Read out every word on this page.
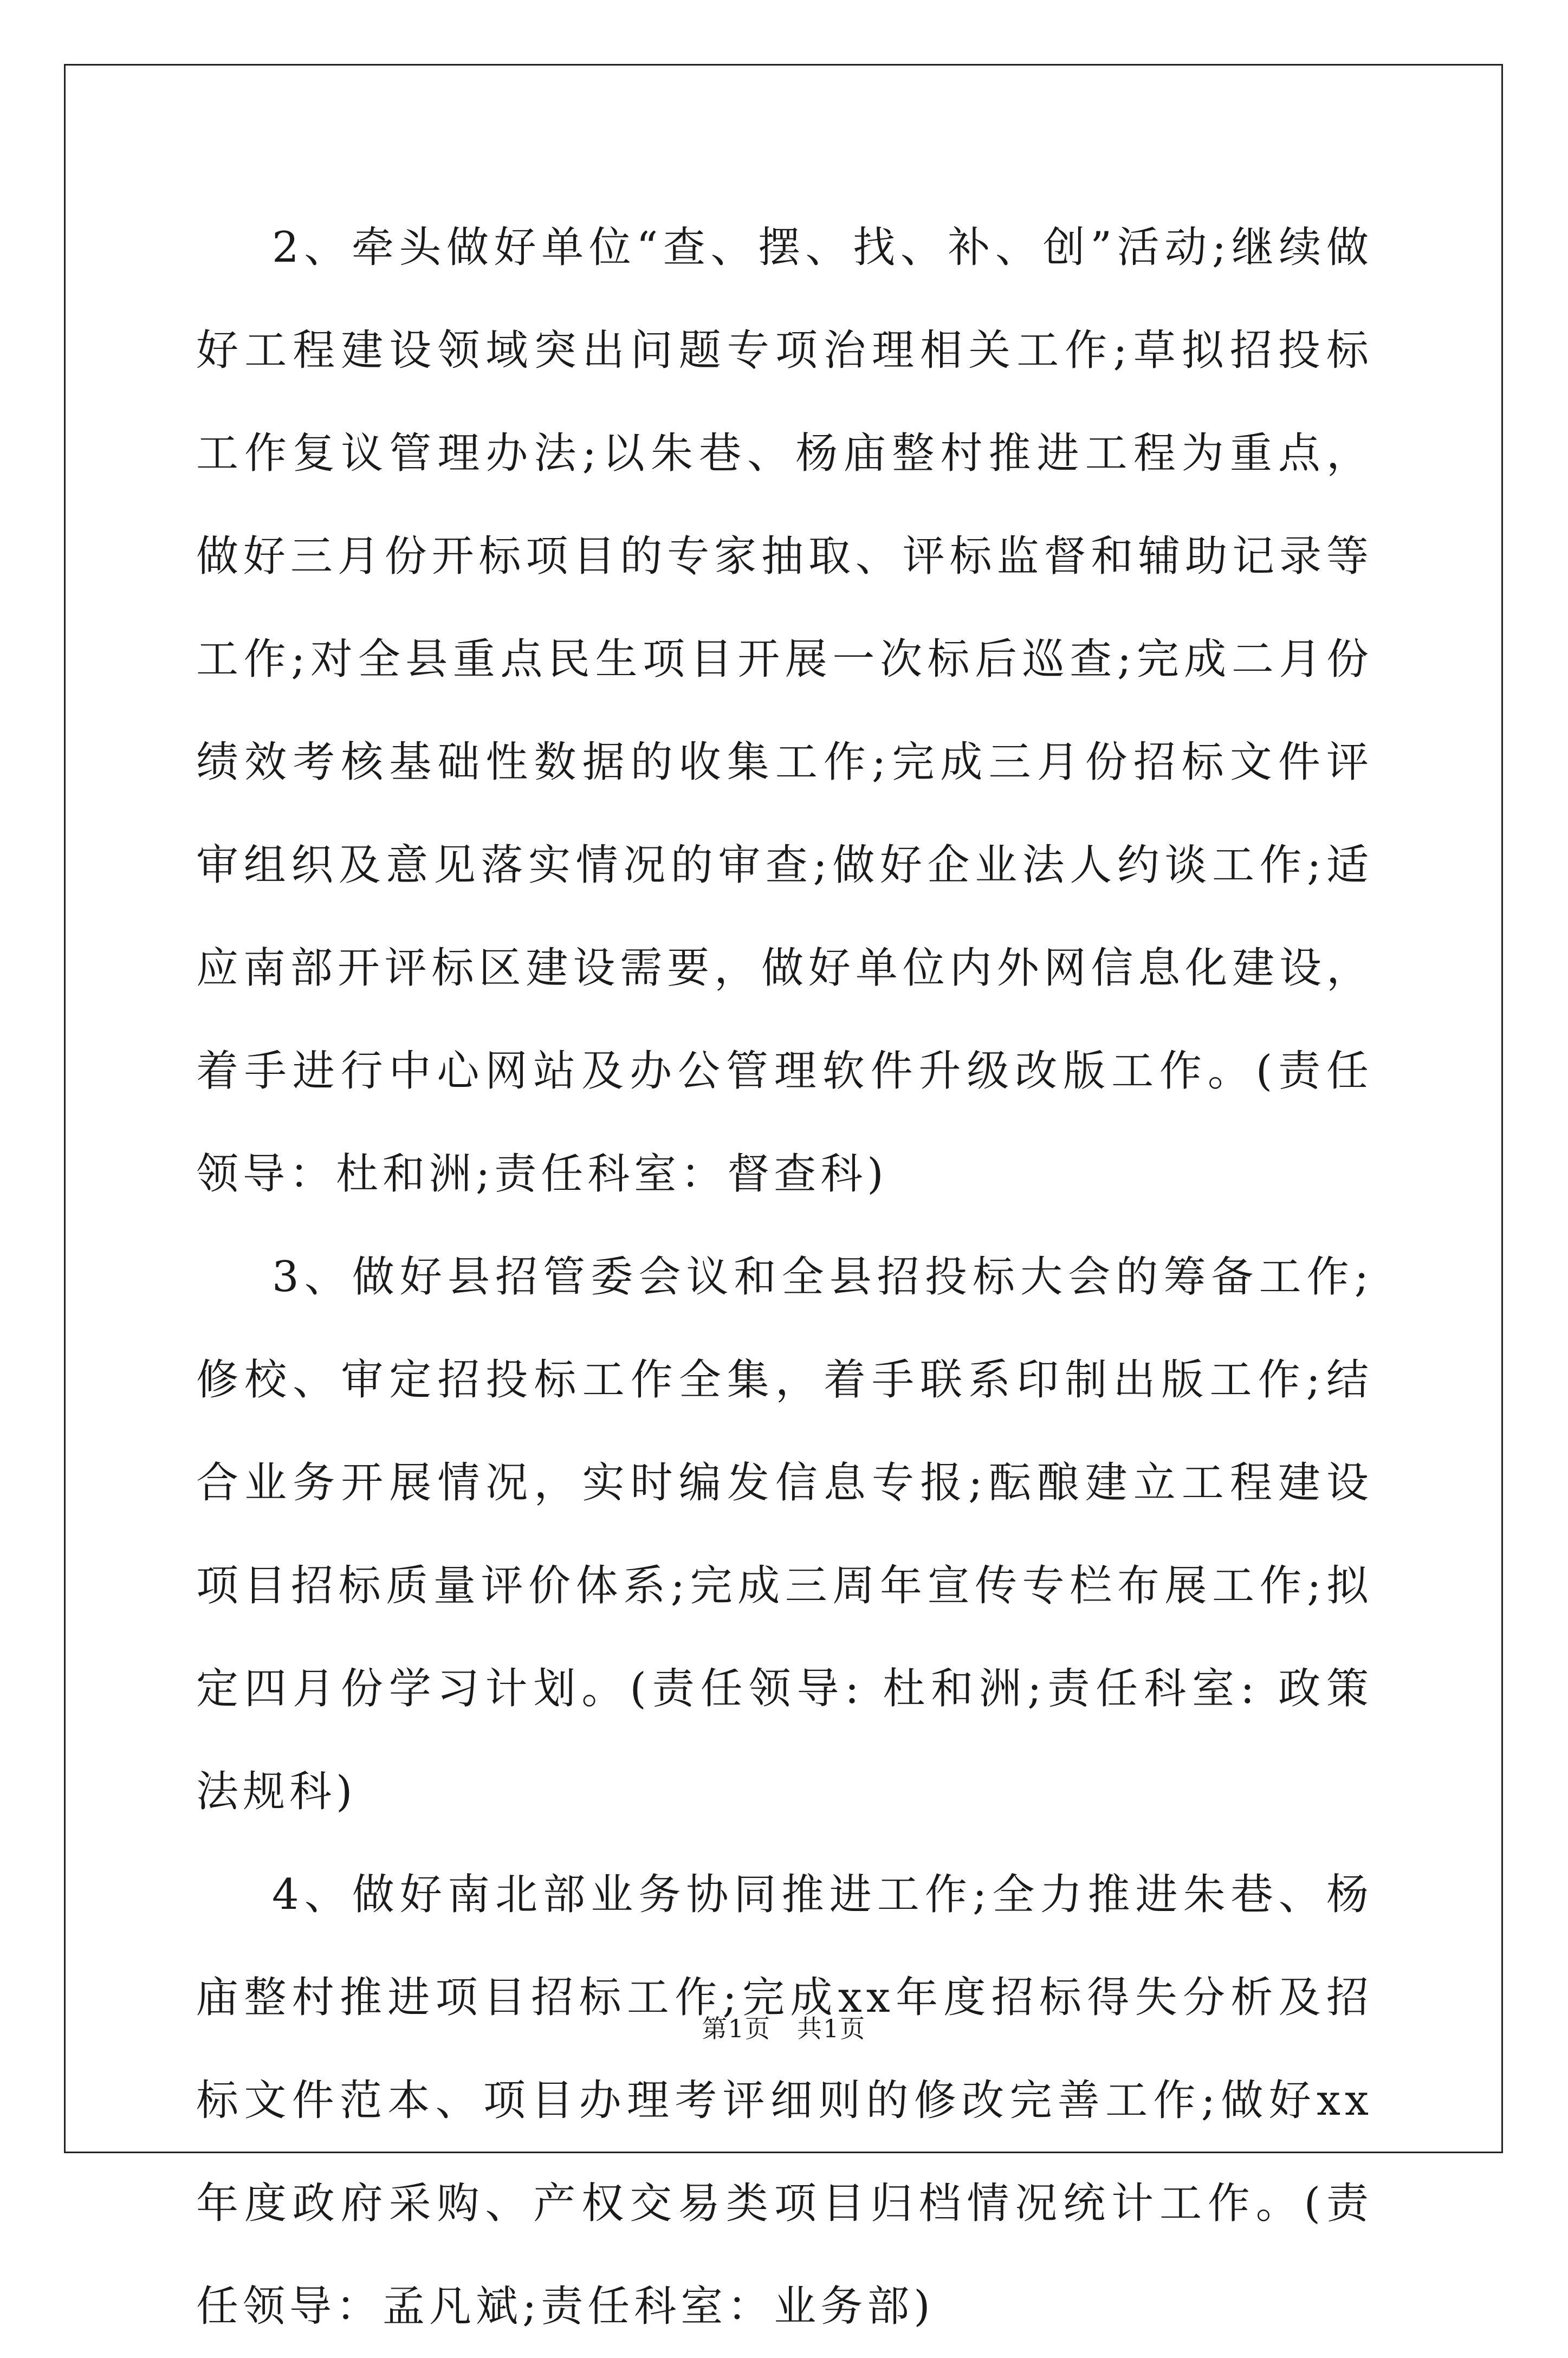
2、牵头做好单位“查、摆、找、补、创”活动;继续做好工程建设领域突出问题专项治理相关工作;草拟招投标工作复议管理办法;以朱巷、杨庙整村推进工程为重点，做好三月份开标项目的专家抽取、评标监督和辅助记录等工作;对全县重点民生项目开展一次标后巡查;完成二月份绩效考核基础性数据的收集工作;完成三月份招标文件评审组织及意见落实情况的审查;做好企业法人约谈工作;适应南部开评标区建设需要，做好单位内外网信息化建设，着手进行中心网站及办公管理软件升级改版工作。(责任领导：杜和洲;责任科室：督查科)

3、做好县招管委会议和全县招投标大会的筹备工作;修校、审定招投标工作全集，着手联系印制出版工作;结合业务开展情况，实时编发信息专报;酝酿建立工程建设项目招标质量评价体系;完成三周年宣传专栏布展工作;拟定四月份学习计划。(责任领导: 杜和洲;责任科室: 政策法规科)

4、做好南北部业务协同推进工作;全力推进朱巷、杨庙整村推进项目招标工作;完成xx年度招标得失分析及招标文件范本、项目办理考评细则的修改完善工作;做好xx年度政府采购、产权交易类项目归档情况统计工作。(责任领导：孟凡斌;责任科室：业务部)

第1页　共1页
